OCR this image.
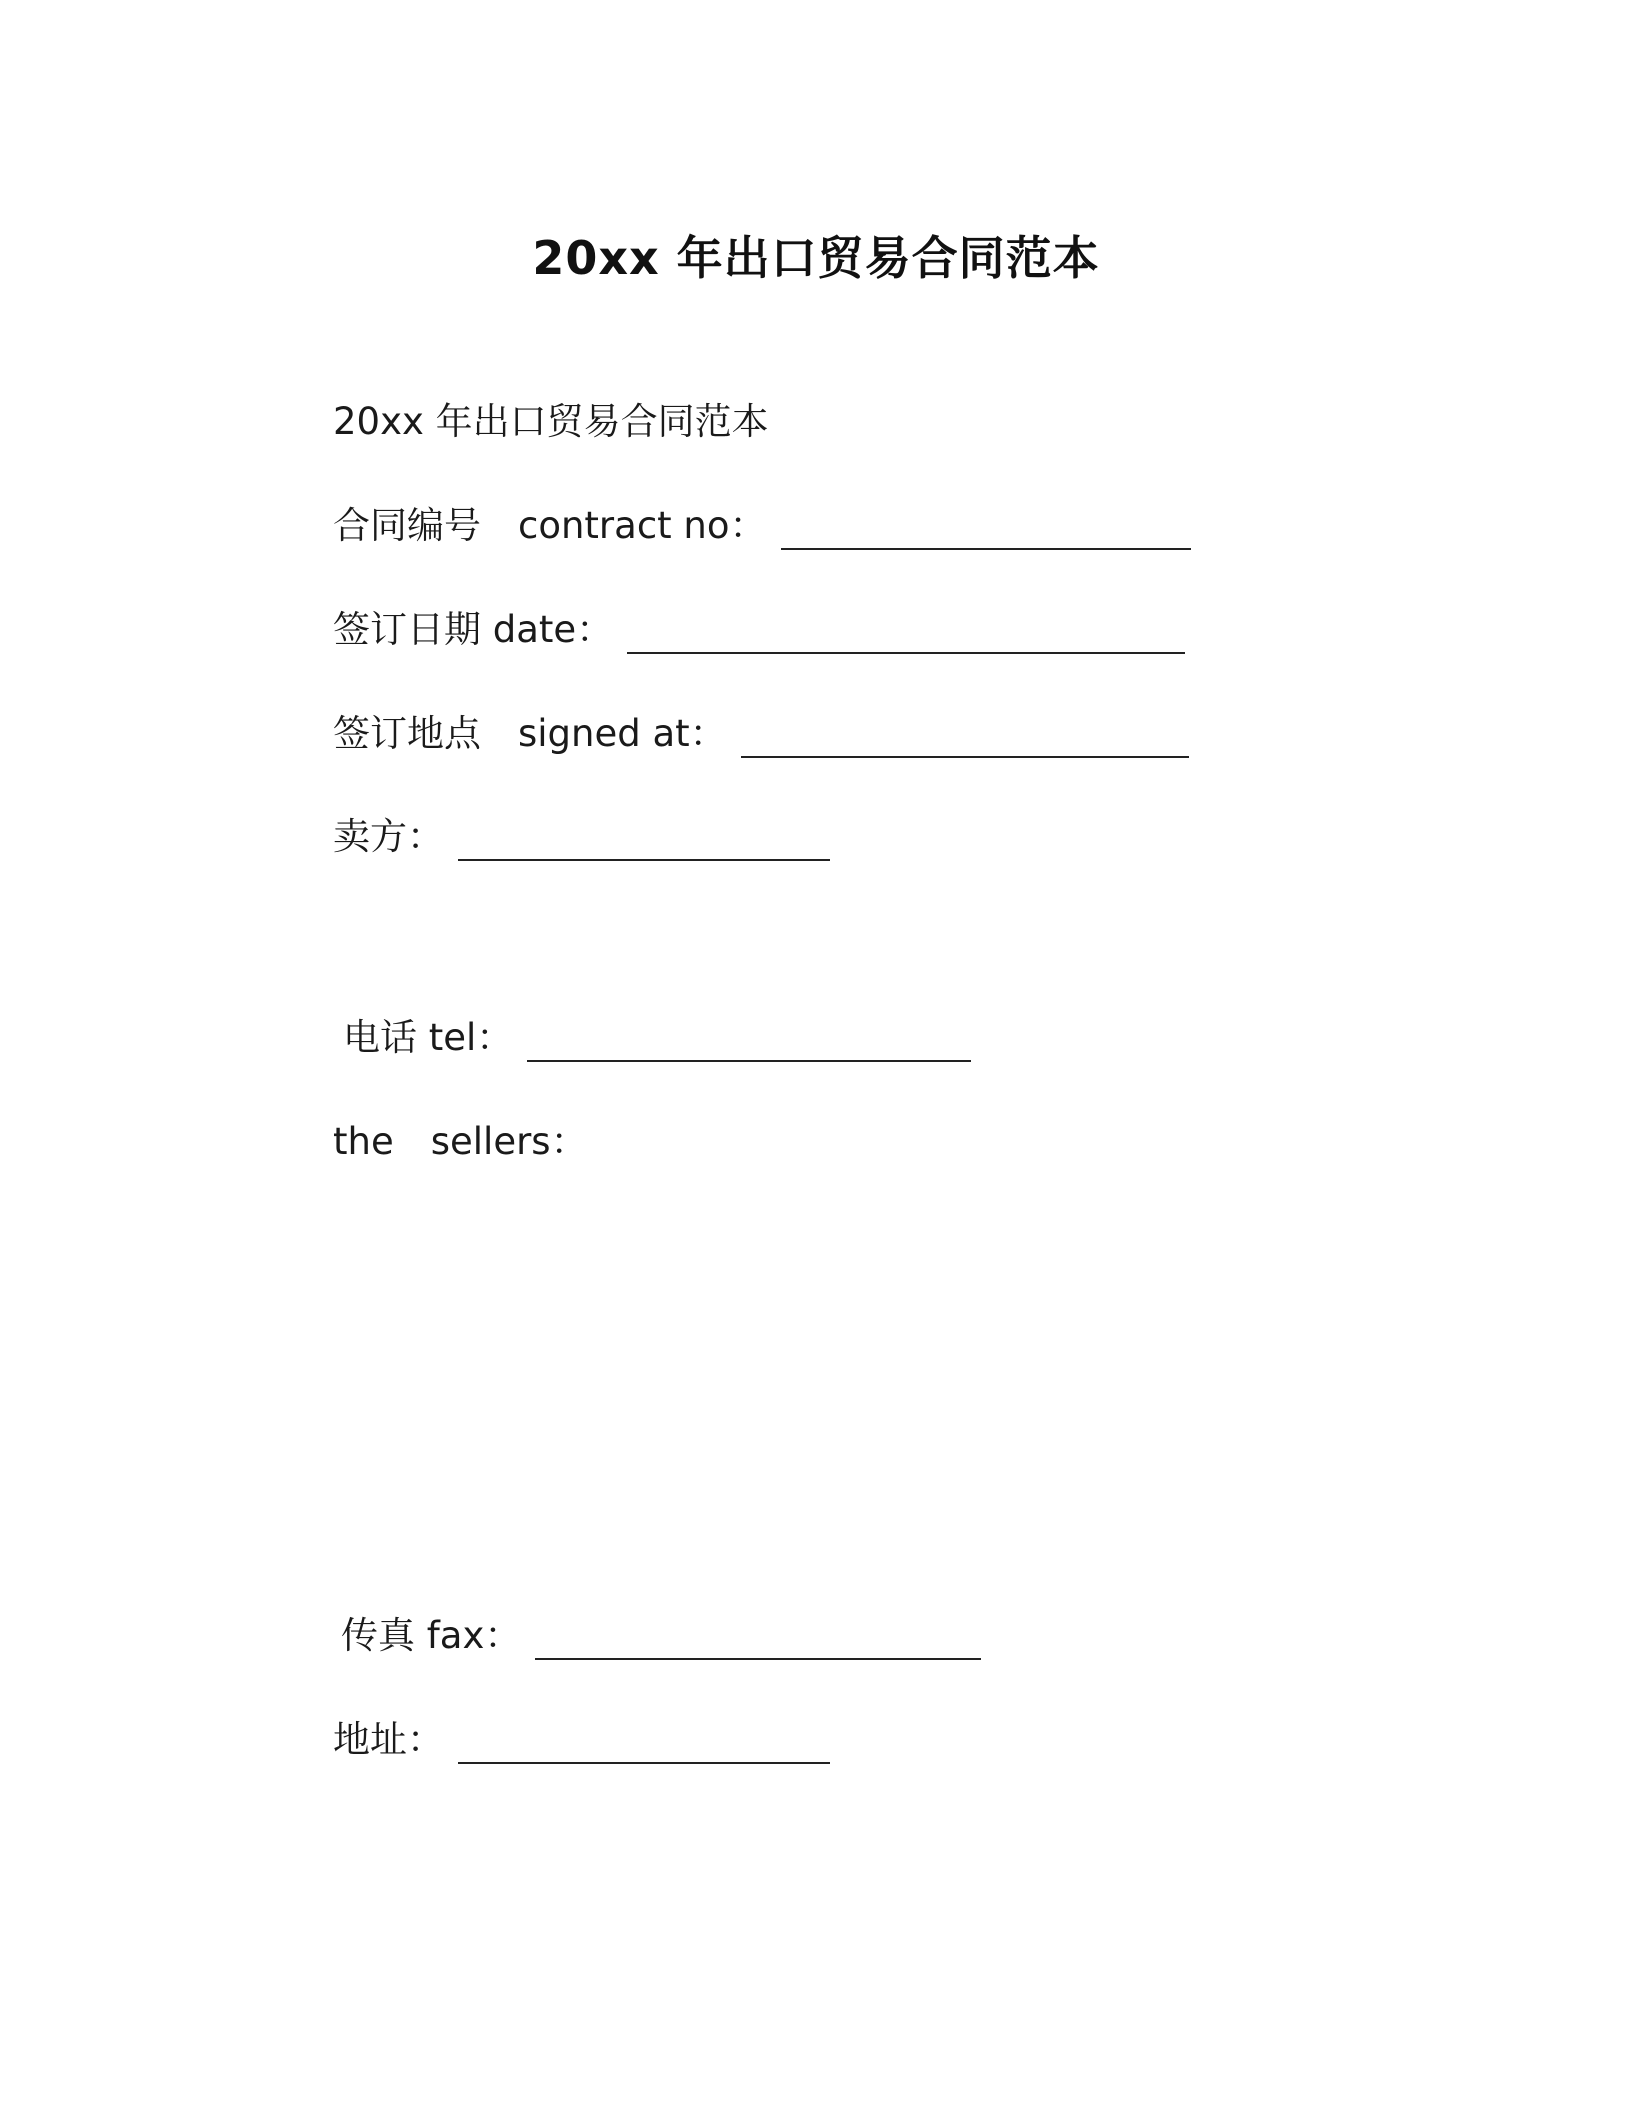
20xx 年出口贸易合同范本
20xx 年出口贸易合同范本
合同编号　contract no：
签订日期 date：
签订地点　signed at：
卖方：
电话 tel：
the　sellers：
传真 fax：
地址：
